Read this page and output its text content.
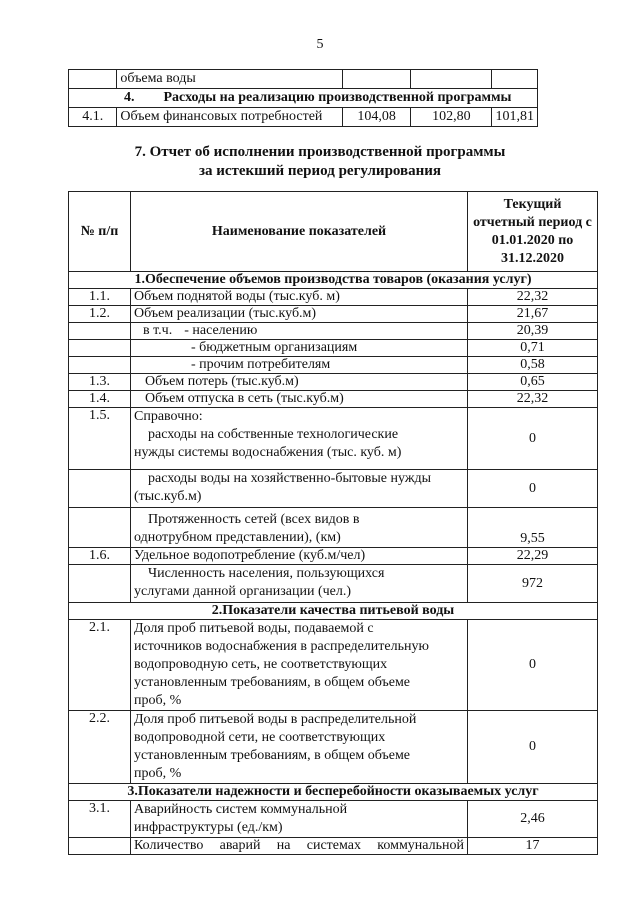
5
	объема воды			
4. Расходы на реализацию производственной программы				
4.1.	Объем финансовых потребностей	104,08	102,80	101,81
7. Отчет об исполнении производственной программы
за истекший период регулирования
№ п/п	Наименование показателей	Текущий отчетный период с 01.01.2020 по 31.12.2020
1.Обеспечение объемов производства товаров (оказания услуг)		
1.1.	Объем поднятой воды (тыс.куб. м)	22,32
1.2.	Объем реализации (тыс.куб.м)	21,67
	в т.ч. - населению	20,39
	- бюджетным организациям	0,71
	- прочим потребителям	0,58
1.3.	Объем потерь (тыс.куб.м)	0,65
1.4.	Объем отпуска в сеть (тыс.куб.м)	22,32
1.5.	Справочно:
расходы на собственные технологические
нужды системы водоснабжения (тыс. куб. м)	0

	расходы воды на хозяйственно-бытовые нужды
(тыс.куб.м)	0

	Протяженность сетей (всех видов в
однотрубном представлении), (км)	9,55
1.6.	Удельное водопотребление (куб.м/чел)	22,29

	Численность населения, пользующихся
услугами данной организации (чел.)	972
2.Показатели качества питьевой воды		
2.1.	Доля проб питьевой воды, подаваемой с
источников водоснабжения в распределительную
водопроводную сеть, не соответствующих
установленным требованиям, в общем объеме
проб, %	0
2.2.	Доля проб питьевой воды в распределительной
водопроводной сети, не соответствующих
установленным требованиям, в общем объеме
проб, %	0
3.Показатели надежности и бесперебойности оказываемых услуг		
3.1.	Аварийность систем коммунальной
инфраструктуры (ед./км)	2,46
	Количество аварий на системах коммунальной	17
